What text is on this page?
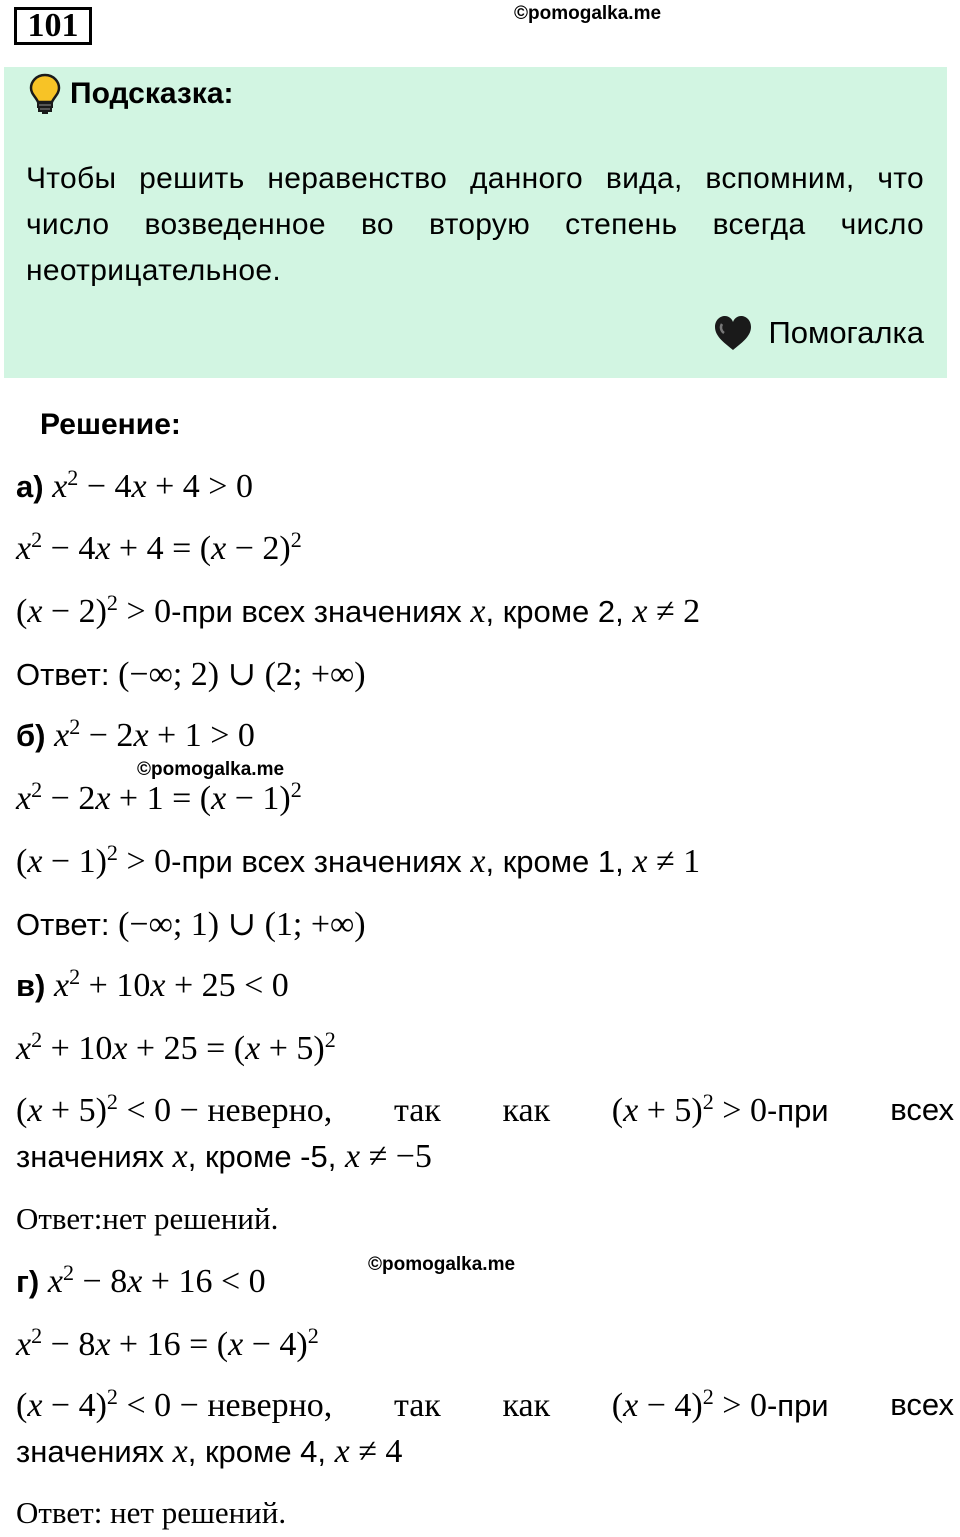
101	©pomogalka.me
Подсказка:
Чтобы решить неравенство данного вида, вспомним, что число возведенное во вторую степень всегда число неотрицательное.
Помогалка
Решение:
а) $x^2 - 4x + 4 > 0$
$x^2 - 4x + 4 = (x - 2)^2$
$(x - 2)^2 > 0-при$ всех значениях x, кроме 2, x ≠ 2
Ответ: (−∞; 2) ∪ (2; +∞)
б) $x^2 - 2x + 1 > 0$
©pomogalka.me
$x^2 - 2x + 1 = (x - 1)^2$
$(x - 1)^2 > 0-при$ всех значениях x, кроме 1, x ≠ 1
Ответ: (−∞; 1) ∪ (1; +∞)
в) $x^2 + 10x + 25 < 0$
$x^2 + 10x + 25 = (x + 5)^2$
$(x + 5)^2 < 0$ − неверно, так как $(x + 5)^2 > 0-при$ всех
значениях x, кроме -5, x ≠ −5
Ответ:нет решений.
г) $x^2 - 8x + 16 < 0$	©pomogalka.me
$x^2 - 8x + 16 = (x - 4)^2$
$(x - 4)^2 < 0$ − неверно, так как $(x - 4)^2 > 0-при$ всех
значениях x, кроме 4, x ≠ 4
Ответ: нет решений.
